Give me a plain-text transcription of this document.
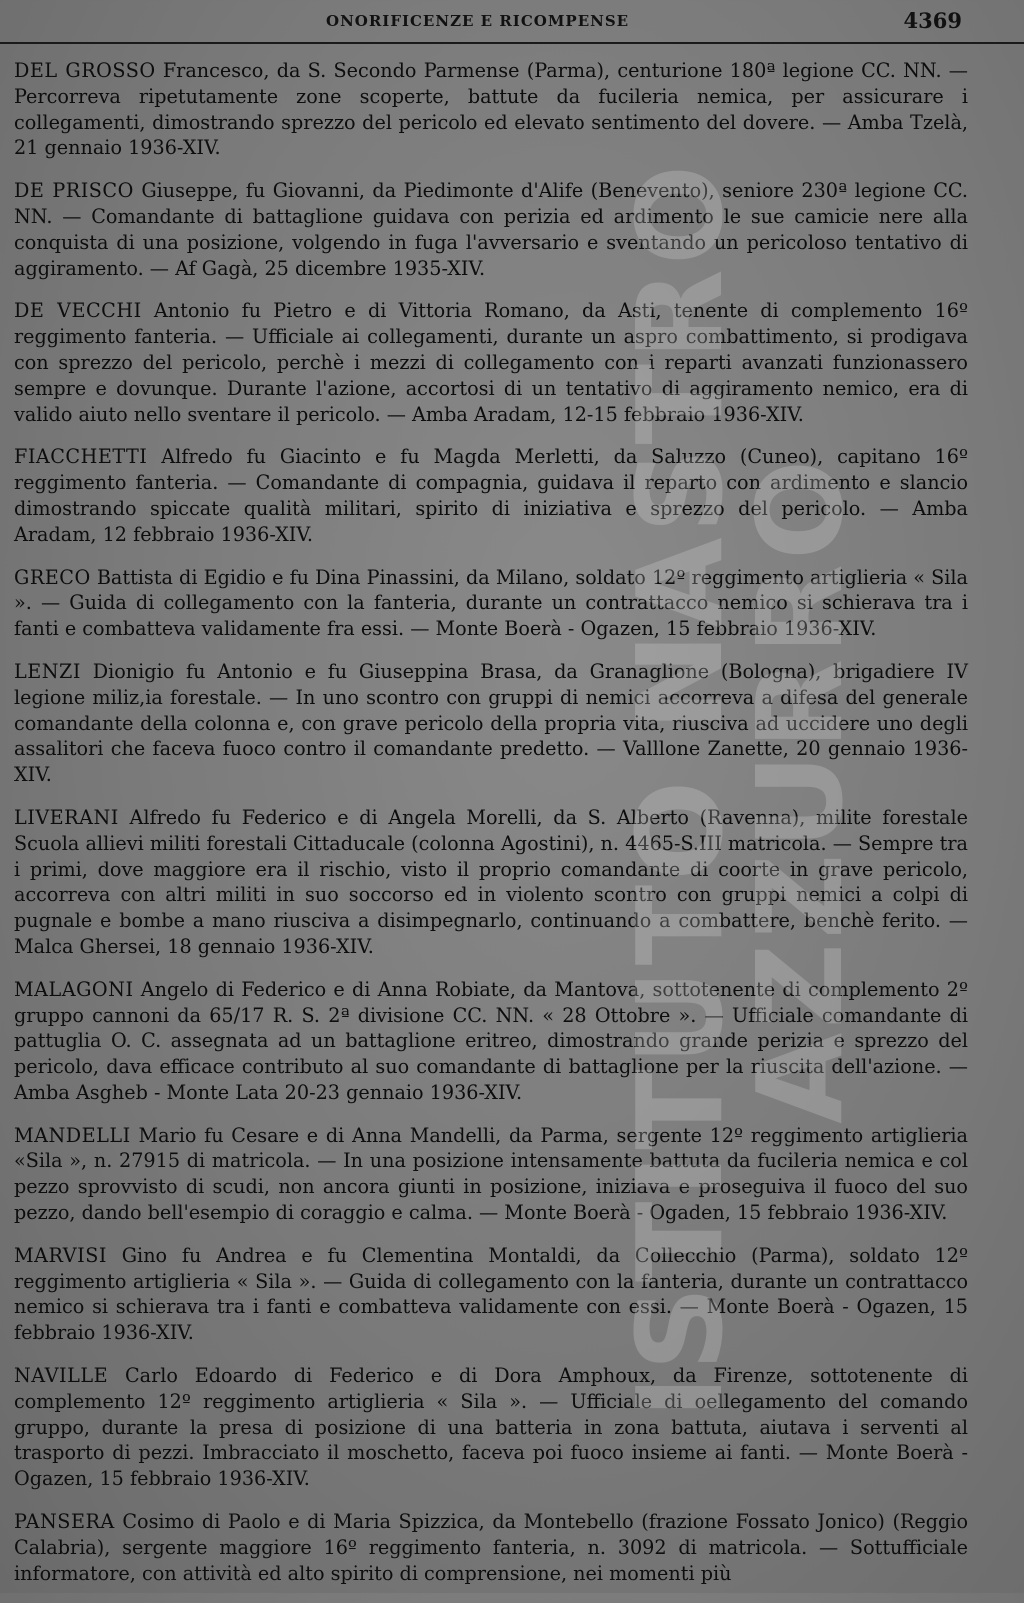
ONORIFICENZE E RICOMPENSE	4369

DEL GROSSO Francesco, da S. Secondo Parmense (Parma), centurione 180ª legione CC. NN. — Percorreva ripetutamente zone scoperte, battute da fucileria nemica, per assicurare i collegamenti, dimostrando sprezzo del pericolo ed elevato sentimento del dovere. — Amba Tzelà, 21 gennaio 1936-XIV.

DE PRISCO Giuseppe, fu Giovanni, da Piedimonte d'Alife (Benevento), seniore 230ª legione CC. NN. — Comandante di battaglione guidava con perizia ed ardimento le sue camicie nere alla conquista di una posizione, volgendo in fuga l'avversario e sventando un pericoloso tentativo di aggiramento. — Af Gagà, 25 dicembre 1935-XIV.

DE VECCHI Antonio fu Pietro e di Vittoria Romano, da Asti, tenente di complemento 16º reggimento fanteria. — Ufficiale ai collegamenti, durante un aspro combattimento, si prodigava con sprezzo del pericolo, perchè i mezzi di collegamento con i reparti avanzati funzionassero sempre e dovunque. Durante l'azione, accortosi di un tentativo di aggiramento nemico, era di valido aiuto nello sventare il pericolo. — Amba Aradam, 12-15 febbraio 1936-XIV.

FIACCHETTI Alfredo fu Giacinto e fu Magda Merletti, da Saluzzo (Cuneo), capitano 16º reggimento fanteria. — Comandante di compagnia, guidava il reparto con ardimento e slancio dimostrando spiccate qualità militari, spirito di iniziativa e sprezzo del pericolo. — Amba Aradam, 12 febbraio 1936-XIV.

GRECO Battista di Egidio e fu Dina Pinassini, da Milano, soldato 12º reggimento artiglieria « Sila ». — Guida di collegamento con la fanteria, durante un contrattacco nemico si schierava tra i fanti e combatteva validamente fra essi. — Monte Boerà - Ogazen, 15 febbraio 1936-XIV.

LENZI Dionigio fu Antonio e fu Giuseppina Brasa, da Granaglione (Bologna), brigadiere IV legione miliz,ia forestale. — In uno scontro con gruppi di nemici accorreva a difesa del generale comandante della colonna e, con grave pericolo della propria vita, riusciva ad uccidere uno degli assalitori che faceva fuoco contro il comandante predetto. — Valllone Zanette, 20 gennaio 1936-XIV.

LIVERANI Alfredo fu Federico e di Angela Morelli, da S. Alberto (Ravenna), milite forestale Scuola allievi militi forestali Cittaducale (colonna Agostini), n. 4465-S.III matricola. — Sempre tra i primi, dove maggiore era il rischio, visto il proprio comandante di coorte in grave pericolo, accorreva con altri militi in suo soccorso ed in violento scontro con gruppi nemici a colpi di pugnale e bombe a mano riusciva a disimpegnarlo, continuando a combattere, benchè ferito. — Malca Ghersei, 18 gennaio 1936-XIV.

MALAGONI Angelo di Federico e di Anna Robiate, da Mantova, sottotenente di complemento 2º gruppo cannoni da 65/17 R. S. 2ª divisione CC. NN. « 28 Ottobre ». — Ufficiale comandante di pattuglia O. C. assegnata ad un battaglione eritreo, dimostrando grande perizia e sprezzo del pericolo, dava efficace contributo al suo comandante di battaglione per la riuscita dell'azione. — Amba Asgheb - Monte Lata 20-23 gennaio 1936-XIV.

MANDELLI Mario fu Cesare e di Anna Mandelli, da Parma, sergente 12º reggimento artiglieria «Sila », n. 27915 di matricola. — In una posizione intensamente battuta da fucileria nemica e col pezzo sprovvisto di scudi, non ancora giunti in posizione, iniziava e proseguiva il fuoco del suo pezzo, dando bell'esempio di coraggio e calma. — Monte Boerà - Ogaden, 15 febbraio 1936-XIV.

MARVISI Gino fu Andrea e fu Clementina Montaldi, da Collecchio (Parma), soldato 12º reggimento artiglieria « Sila ». — Guida di collegamento con la fanteria, durante un contrattacco nemico si schierava tra i fanti e combatteva validamente con essi. — Monte Boerà - Ogazen, 15 febbraio 1936-XIV.

NAVILLE Carlo Edoardo di Federico e di Dora Amphoux, da Firenze, sottotenente di complemento 12º reggimento artiglieria « Sila ». — Ufficiale di oellegamento del comando gruppo, durante la presa di posizione di una batteria in zona battuta, aiutava i serventi al trasporto di pezzi. Imbracciato il moschetto, faceva poi fuoco insieme ai fanti. — Monte Boerà - Ogazen, 15 febbraio 1936-XIV.

PANSERA Cosimo di Paolo e di Maria Spizzica, da Montebello (frazione Fossato Jonico) (Reggio Calabria), sergente maggiore 16º reggimento fanteria, n. 3092 di matricola. — Sottufficiale informatore, con attività ed alto spirito di comprensione, nei momenti più

ISTITUTO NASTRO AZZURRO
